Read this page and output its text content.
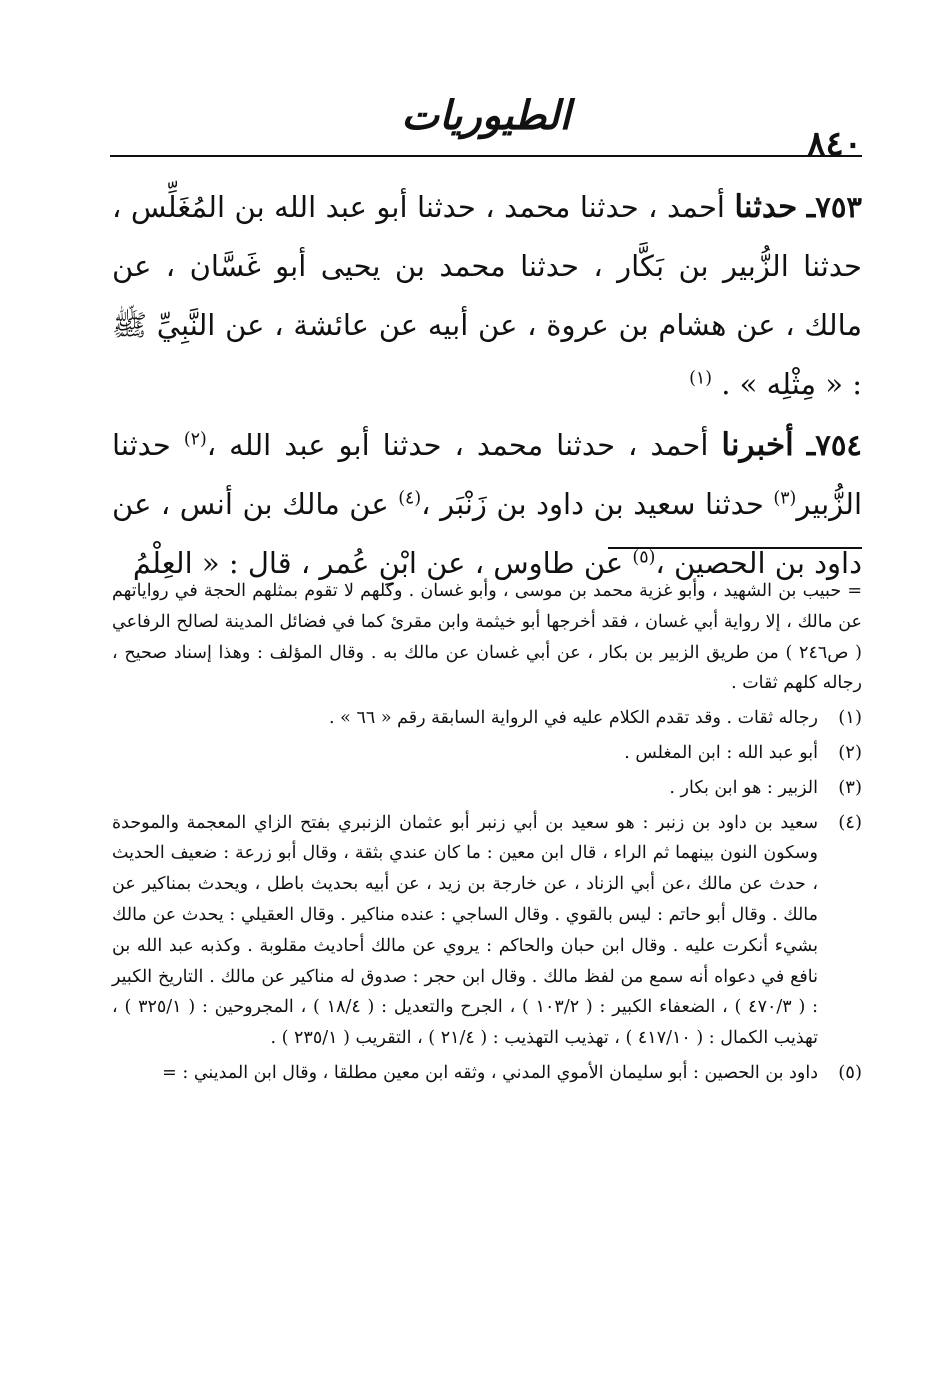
٨٤٠
الطيوريات

٧٥٣ـ حدثنا أحمد ، حدثنا محمد ، حدثنا أبو عبد الله بن المُغَلِّس ، حدثنا الزُّبير بن بَكَّار ، حدثنا محمد بن يحيى أبو غَسَّان ، عن مالك ، عن هشام بن عروة ، عن أبيه عن عائشة ، عن النَّبِيِّ ﷺ : « مِثْلِه » . $^{(١)}$

٧٥٤ـ أخبرنا أحمد ، حدثنا محمد ، حدثنا أبو عبد الله ،$^{(٢)}$ حدثنا الزُّبير$^{(٣)}$ حدثنا سعيد بن داود بن زَنْبَر ،$^{(٤)}$ عن مالك بن أنس ، عن داود بن الحصين ،$^{(٥)}$ عن طاوس ، عن ابْنِ عُمر ، قال : « العِلْمُ

= حبيب بن الشهيد ، وأبو غزية محمد بن موسى ، وأبو غسان . وكلهم لا تقوم بمثلهم الحجة في رواياتهم عن مالك ، إلا رواية أبي غسان ، فقد أخرجها أبو خيثمة وابن مقرئ كما في فضائل المدينة لصالح الرفاعي ( ص٢٤٦ ) من طريق الزبير بن بكار ، عن أبي غسان عن مالك به . وقال المؤلف : وهذا إسناد صحيح ، رجاله كلهم ثقات .

(١)
رجاله ثقات . وقد تقدم الكلام عليه في الرواية السابقة رقم « ٦٦ » .
(٢)
أبو عبد الله : ابن المغلس .
(٣)
الزبير : هو ابن بكار .
(٤)
سعيد بن داود بن زنبر : هو سعيد بن أبي زنبر أبو عثمان الزنبري بفتح الزاي المعجمة والموحدة وسكون النون بينهما ثم الراء ، قال ابن معين : ما كان عندي بثقة ، وقال أبو زرعة : ضعيف الحديث ، حدث عن مالك ،عن أبي الزناد ، عن خارجة بن زيد ، عن أبيه بحديث باطل ، ويحدث بمناكير عن مالك . وقال أبو حاتم : ليس بالقوي . وقال الساجي : عنده مناكير . وقال العقيلي : يحدث عن مالك بشيء أنكرت عليه . وقال ابن حبان والحاكم : يروي عن مالك أحاديث مقلوبة . وكذبه عبد الله بن نافع في دعواه أنه سمع من لفظ مالك . وقال ابن حجر : صدوق له مناكير عن مالك . التاريخ الكبير : ( ٤٧٠/٣ ) ، الضعفاء الكبير : ( ١٠٣/٢ ) ، الجرح والتعديل : ( ١٨/٤ ) ، المجروحين : ( ٣٢٥/١ ) ، تهذيب الكمال : ( ٤١٧/١٠ ) ، تهذيب التهذيب : ( ٢١/٤ ) ، التقريب ( ٢٣٥/١ ) .
(٥)
داود بن الحصين : أبو سليمان الأموي المدني ، وثقه ابن معين مطلقا ، وقال ابن المديني : =
